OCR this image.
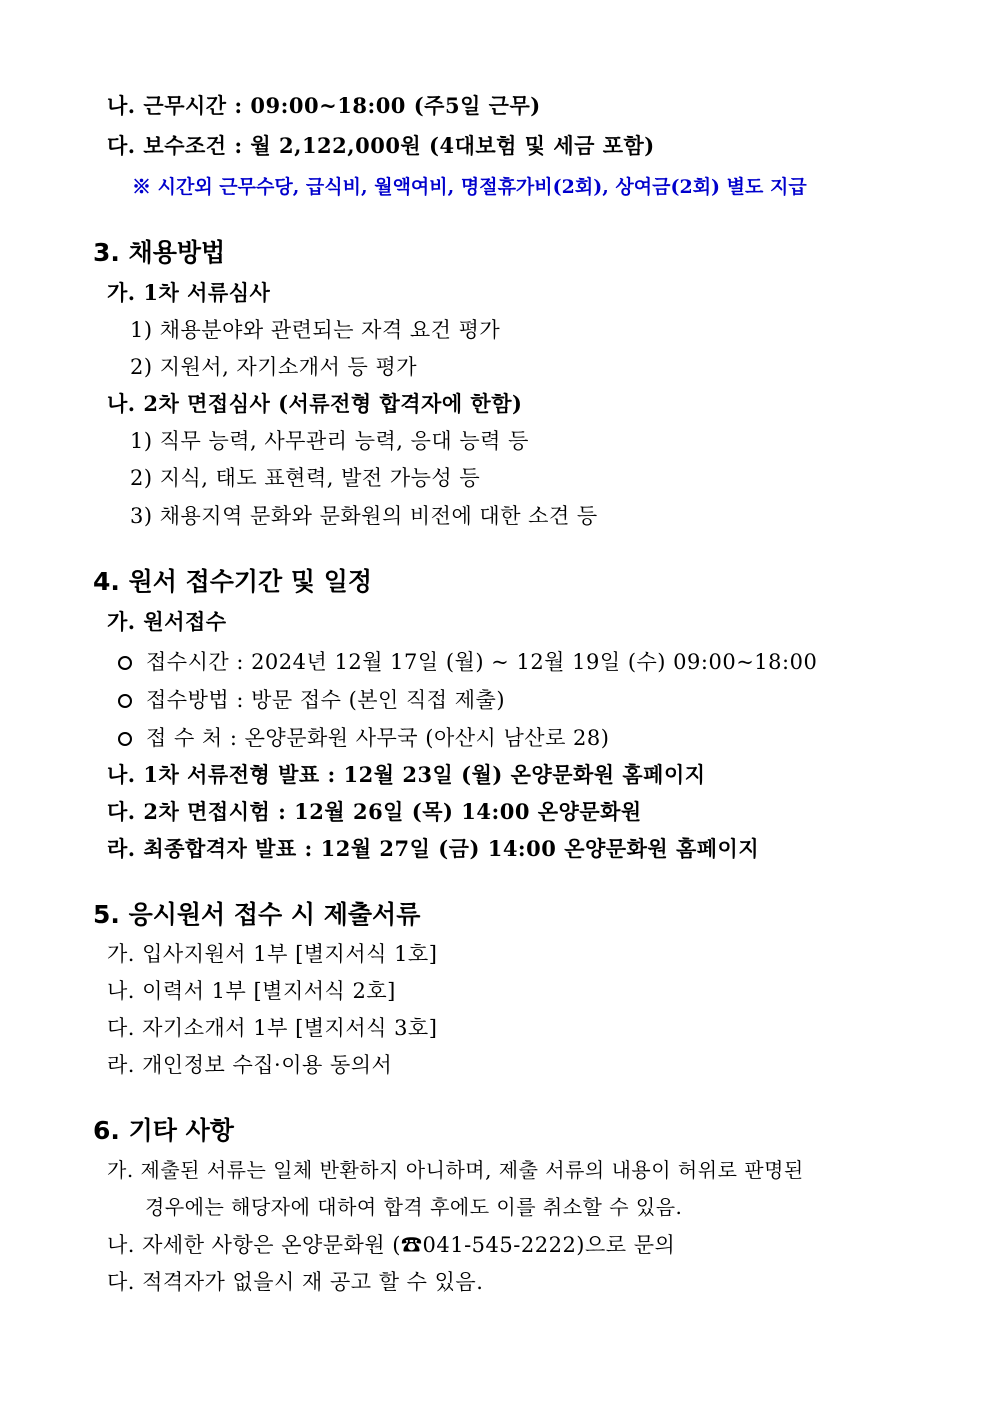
나. 근무시간 : 09:00~18:00 (주5일 근무)
다. 보수조건 : 월 2,122,000원 (4대보험 및 세금 포함)
※ 시간외 근무수당, 급식비, 월액여비, 명절휴가비(2회), 상여금(2회) 별도 지급
3. 채용방법
가. 1차 서류심사
1) 채용분야와 관련되는 자격 요건 평가
2) 지원서, 자기소개서 등 평가
나. 2차 면접심사 (서류전형 합격자에 한함)
1) 직무 능력, 사무관리 능력, 응대 능력 등
2) 지식, 태도 표현력, 발전 가능성 등
3) 채용지역 문화와 문화원의 비전에 대한 소견 등
4. 원서 접수기간 및 일정
가. 원서접수
접수시간 : 2024년 12월 17일 (월) ~ 12월 19일 (수) 09:00~18:00
접수방법 : 방문 접수 (본인 직접 제출)
접 수 처 : 온양문화원 사무국 (아산시 남산로 28)
나. 1차 서류전형 발표 : 12월 23일 (월) 온양문화원 홈페이지
다. 2차 면접시험 : 12월 26일 (목) 14:00 온양문화원
라. 최종합격자 발표 : 12월 27일 (금) 14:00 온양문화원 홈페이지
5. 응시원서 접수 시 제출서류
가. 입사지원서 1부 [별지서식 1호]
나. 이력서 1부 [별지서식 2호]
다. 자기소개서 1부 [별지서식 3호]
라. 개인정보 수집·이용 동의서
6. 기타 사항
가. 제출된 서류는 일체 반환하지 아니하며, 제출 서류의 내용이 허위로 판명된
경우에는 해당자에 대하여 합격 후에도 이를 취소할 수 있음.
나. 자세한 사항은 온양문화원 (☎041-545-2222)으로 문의
다. 적격자가 없을시 재 공고 할 수 있음.
